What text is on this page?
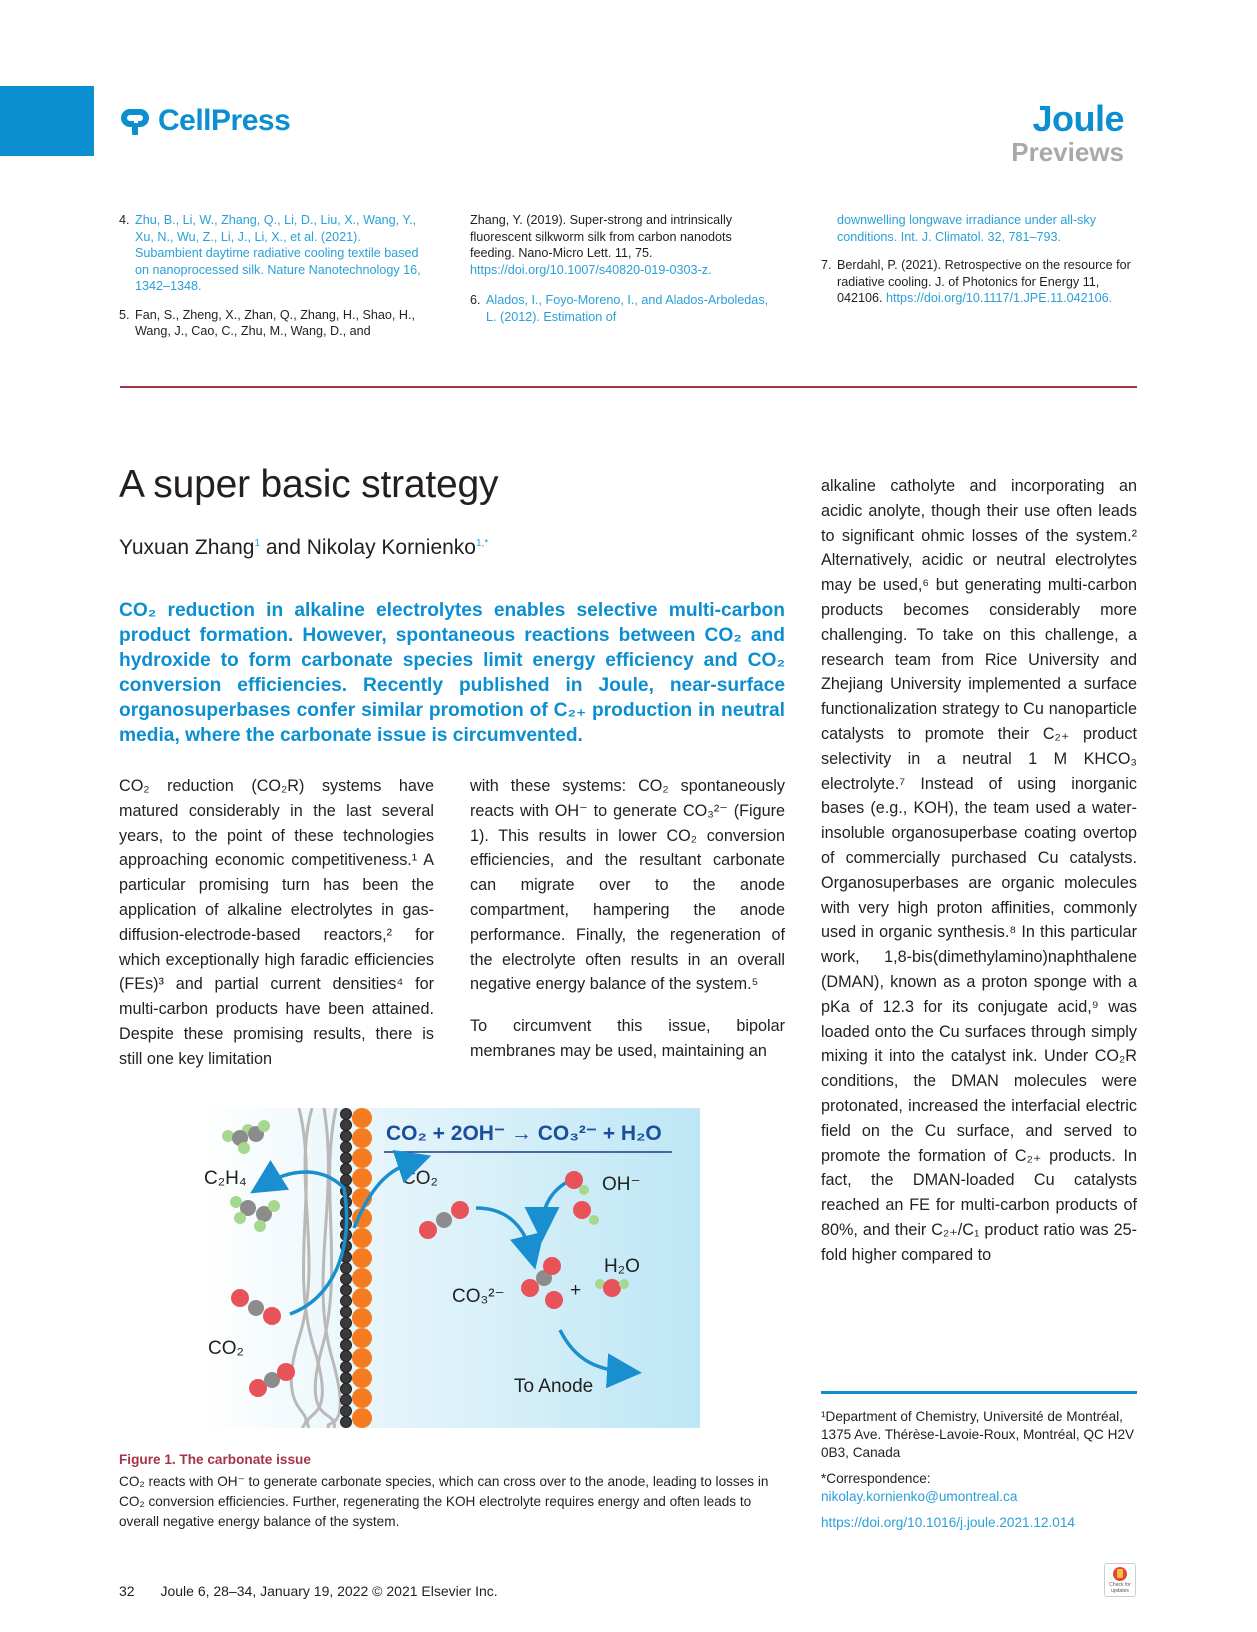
CellPress	Joule
Previews
4. Zhu, B., Li, W., Zhang, Q., Li, D., Liu, X., Wang, Y., Xu, N., Wu, Z., Li, J., Li, X., et al. (2021). Subambient daytime radiative cooling textile based on nanoprocessed silk. Nature Nanotechnology 16, 1342–1348.
5. Fan, S., Zheng, X., Zhan, Q., Zhang, H., Shao, H., Wang, J., Cao, C., Zhu, M., Wang, D., and
Zhang, Y. (2019). Super-strong and intrinsically fluorescent silkworm silk from carbon nanodots feeding. Nano-Micro Lett. 11, 75. https://doi.org/10.1007/s40820-019-0303-z.
6. Alados, I., Foyo-Moreno, I., and Alados-Arboledas, L. (2012). Estimation of
downwelling longwave irradiance under all-sky conditions. Int. J. Climatol. 32, 781–793.
7. Berdahl, P. (2021). Retrospective on the resource for radiative cooling. J. of Photonics for Energy 11, 042106. https://doi.org/10.1117/1.JPE.11.042106.
A super basic strategy
Yuxuan Zhang$^1$ and Nikolay Kornienko$^{1,*}$
CO₂ reduction in alkaline electrolytes enables selective multi-carbon product formation. However, spontaneous reactions between CO₂ and hydroxide to form carbonate species limit energy efficiency and CO₂ conversion efficiencies. Recently published in Joule, near-surface organosuperbases confer similar promotion of C₂₊ production in neutral media, where the carbonate issue is circumvented.

CO₂ reduction (CO₂R) systems have matured considerably in the last several years, to the point of these technologies approaching economic competitiveness.¹ A particular promising turn has been the application of alkaline electrolytes in gas-diffusion-electrode-based reactors,² for which exceptionally high faradic efficiencies (FEs)³ and partial current densities⁴ for multi-carbon products have been attained. Despite these promising results, there is still one key limitation

with these systems: CO₂ spontaneously reacts with OH⁻ to generate CO₃²⁻ (Figure 1). This results in lower CO₂ conversion efficiencies, and the resultant carbonate can migrate over to the anode compartment, hampering the anode performance. Finally, the regeneration of the electrolyte often results in an overall negative energy balance of the system.⁵

To circumvent this issue, bipolar membranes may be used, maintaining an

alkaline catholyte and incorporating an acidic anolyte, though their use often leads to significant ohmic losses of the system.² Alternatively, acidic or neutral electrolytes may be used,⁶ but generating multi-carbon products becomes considerably more challenging. To take on this challenge, a research team from Rice University and Zhejiang University implemented a surface functionalization strategy to Cu nanoparticle catalysts to promote their C₂₊ product selectivity in a neutral 1 M KHCO₃ electrolyte.⁷ Instead of using inorganic bases (e.g., KOH), the team used a water-insoluble organosuperbase coating overtop of commercially purchased Cu catalysts. Organosuperbases are organic molecules with very high proton affinities, commonly used in organic synthesis.⁸ In this particular work, 1,8-bis(dimethylamino)naphthalene (DMAN), known as a proton sponge with a pKa of 12.3 for its conjugate acid,⁹ was loaded onto the Cu surfaces through simply mixing it into the catalyst ink. Under CO₂R conditions, the DMAN molecules were protonated, increased the interfacial electric field on the Cu surface, and served to promote the formation of C₂₊ products. In fact, the DMAN-loaded Cu catalysts reached an FE for multi-carbon products of 80%, and their C₂₊/C₁ product ratio was 25-fold higher compared to

CO₂ + 2OH⁻ → CO₃²⁻ + H₂O
C₂H₄	CO₂
CO₂
OH⁻
H₂O
CO₃²⁻	+
To Anode
Figure 1. The carbonate issue
CO₂ reacts with OH⁻ to generate carbonate species, which can cross over to the anode, leading to losses in CO₂ conversion efficiencies. Further, regenerating the KOH electrolyte requires energy and often leads to overall negative energy balance of the system.

¹Department of Chemistry, Université de Montréal, 1375 Ave. Thérèse-Lavoie-Roux, Montréal, QC H2V 0B3, Canada

*Correspondence:

nikolay.kornienko@umontreal.ca

https://doi.org/10.1016/j.joule.2021.12.014

32 Joule 6, 28–34, January 19, 2022 © 2021 Elsevier Inc.	Check for
updates
